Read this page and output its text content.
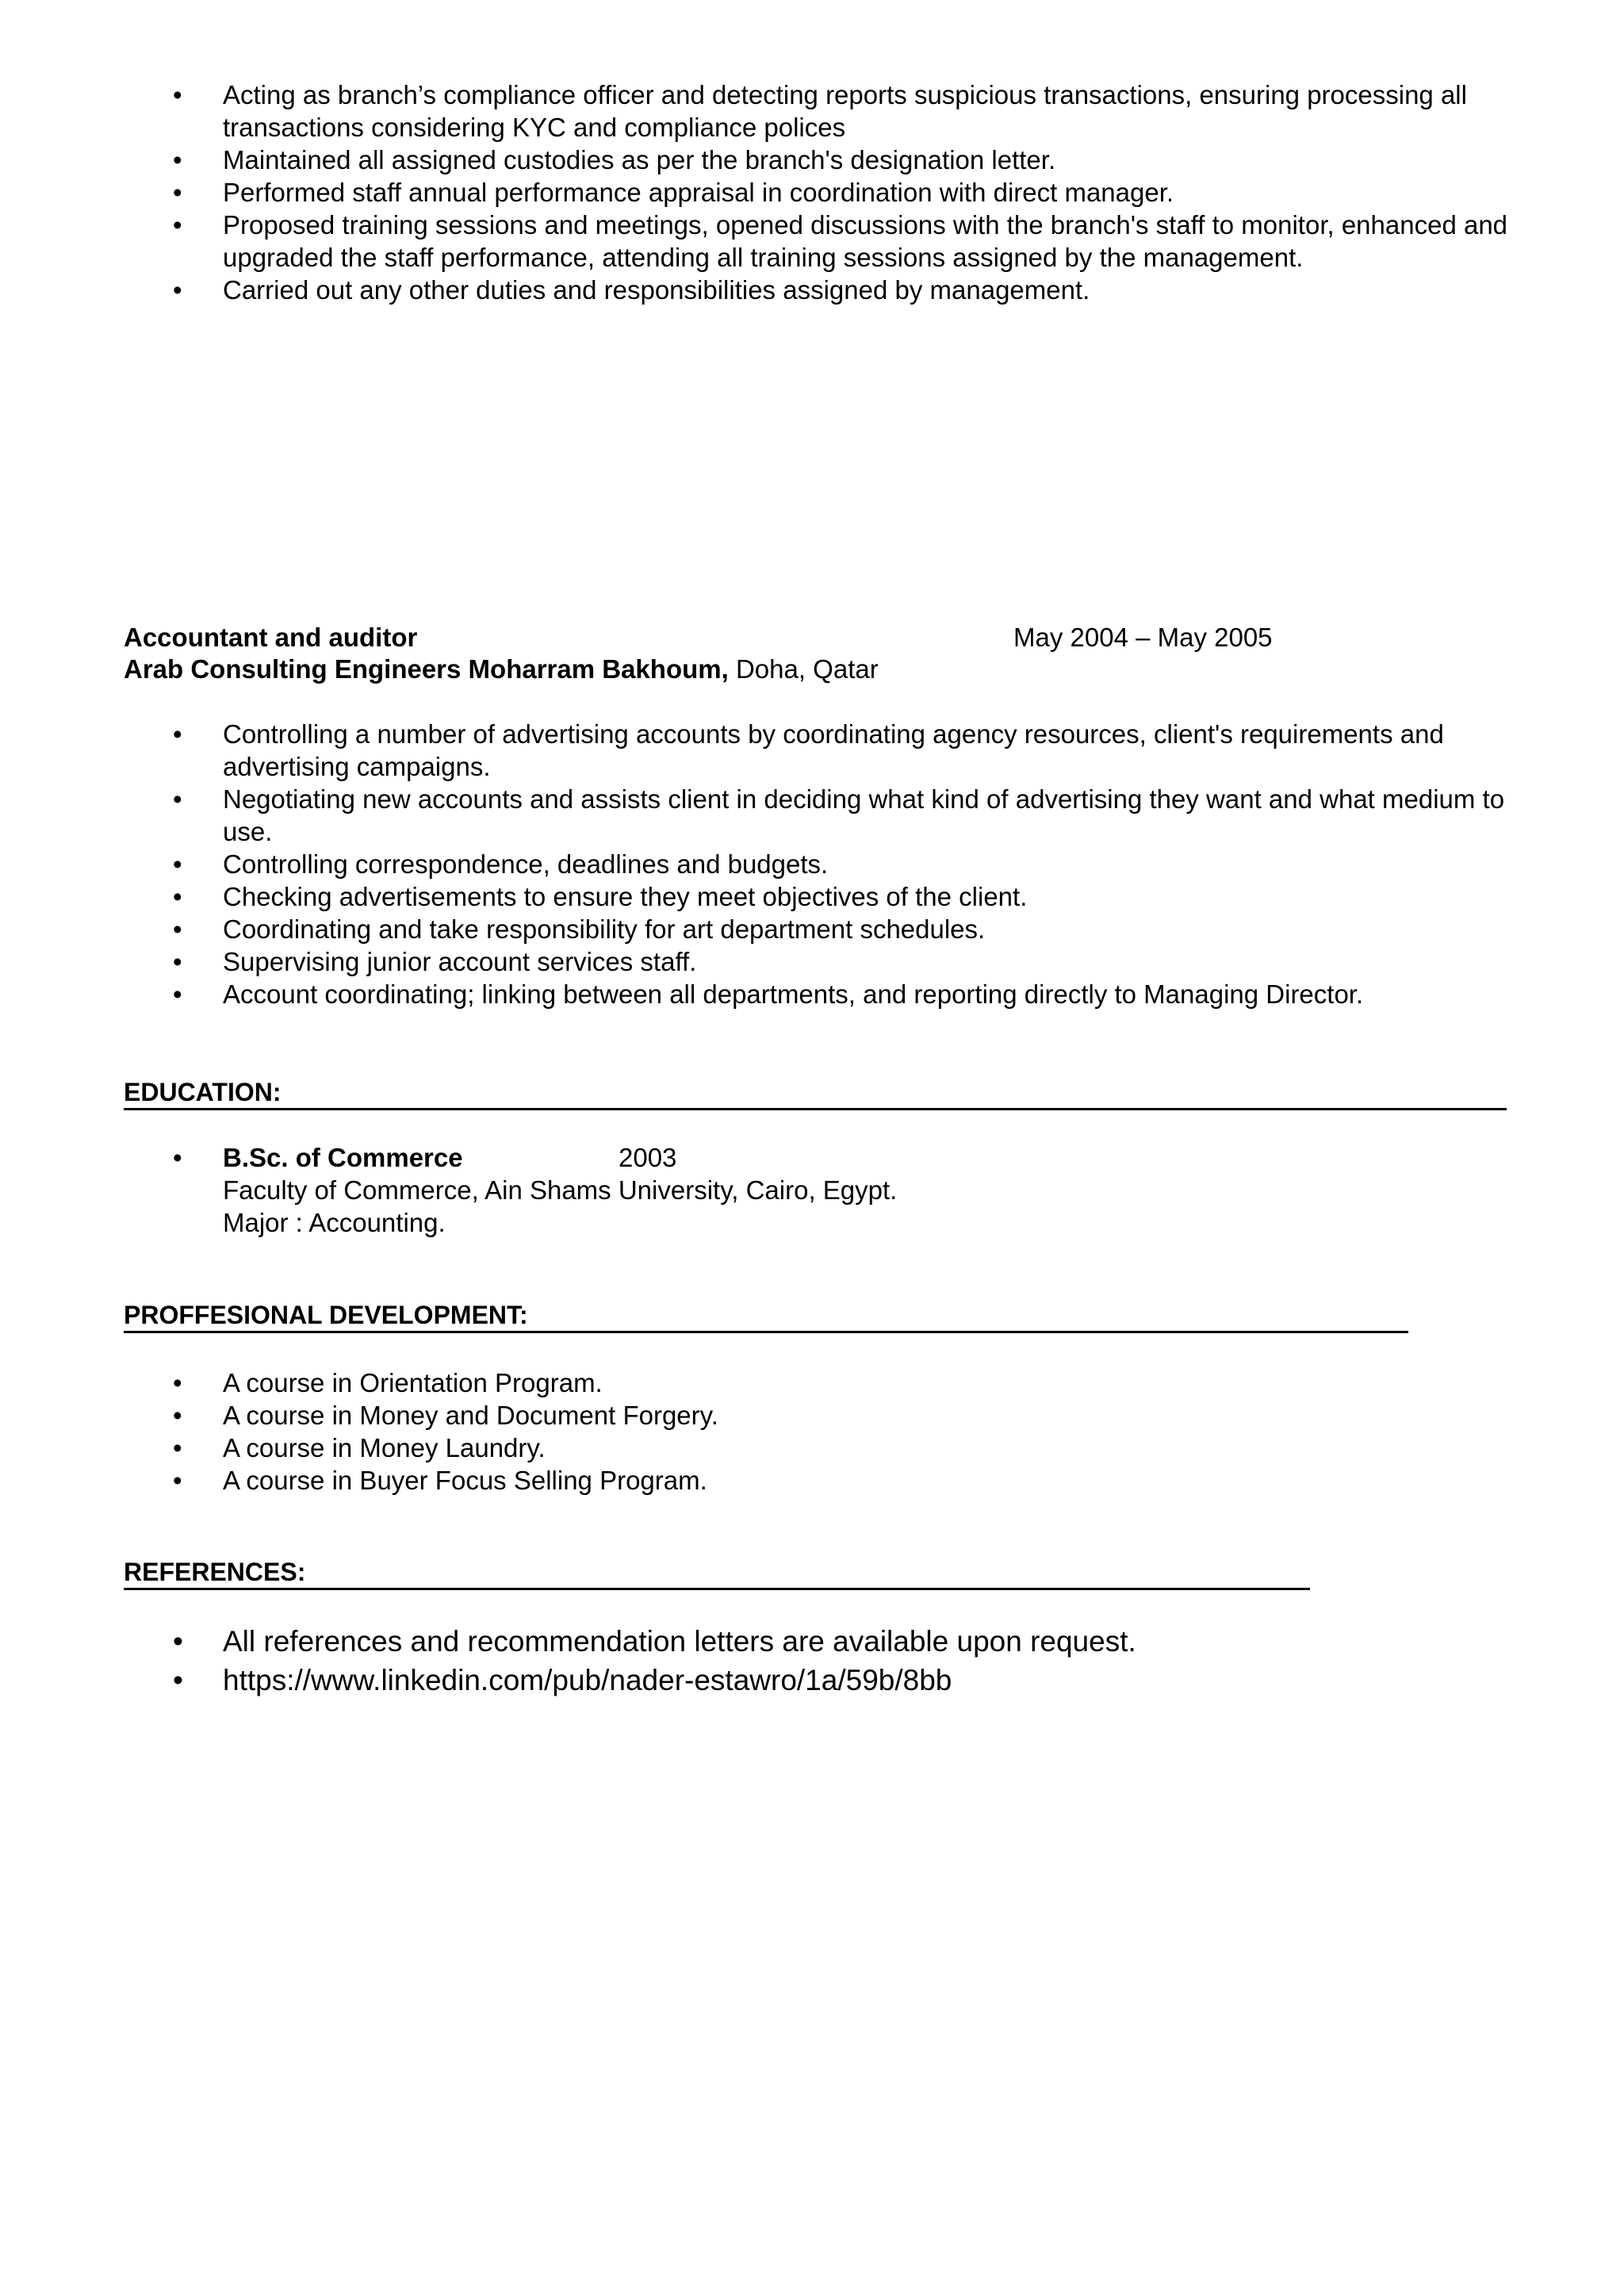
• Acting as branch’s compliance officer and detecting reports suspicious transactions, ensuring processing all transactions considering KYC and compliance polices
• Maintained all assigned custodies as per the branch's designation letter.
• Performed staff annual performance appraisal in coordination with direct manager.
• Proposed training sessions and meetings, opened discussions with the branch's staff to monitor, enhanced and upgraded the staff performance, attending all training sessions assigned by the management.
• Carried out any other duties and responsibilities assigned by management.
Accountant and auditor	May 2004 – May 2005
Arab Consulting Engineers Moharram Bakhoum, Doha, Qatar
• Controlling a number of advertising accounts by coordinating agency resources, client's requirements and advertising campaigns.
• Negotiating new accounts and assists client in deciding what kind of advertising they want and what medium to use.
• Controlling correspondence, deadlines and budgets.
• Checking advertisements to ensure they meet objectives of the client.
• Coordinating and take responsibility for art department schedules.
• Supervising junior account services staff.
• Account coordinating; linking between all departments, and reporting directly to Managing Director.
EDUCATION:
• B.Sc. of Commerce	2003
Faculty of Commerce, Ain Shams University, Cairo, Egypt.
Major : Accounting.
PROFFESIONAL DEVELOPMENT:
• A course in Orientation Program.
• A course in Money and Document Forgery.
• A course in Money Laundry.
• A course in Buyer Focus Selling Program.
REFERENCES:
• All references and recommendation letters are available upon request.
• https://www.linkedin.com/pub/nader-estawro/1a/59b/8bb
